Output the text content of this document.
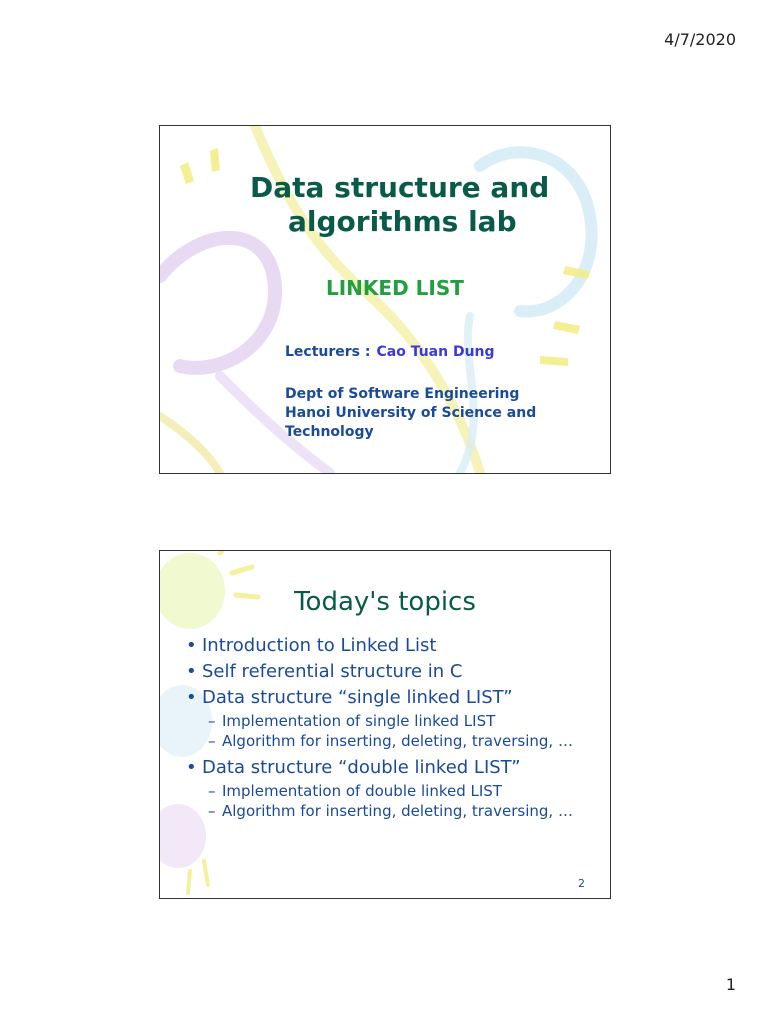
4/7/2020
Data structure and
algorithms lab
LINKED LIST
Lecturers : Cao Tuan Dung
Dept of Software Engineering
Hanoi University of Science and
Technology
Today's topics
• Introduction to Linked List
• Self referential structure in C
• Data structure “single linked LIST”
– Implementation of single linked LIST
– Algorithm for inserting, deleting, traversing, …
• Data structure “double linked LIST”
– Implementation of double linked LIST
– Algorithm for inserting, deleting, traversing, …
2
1
